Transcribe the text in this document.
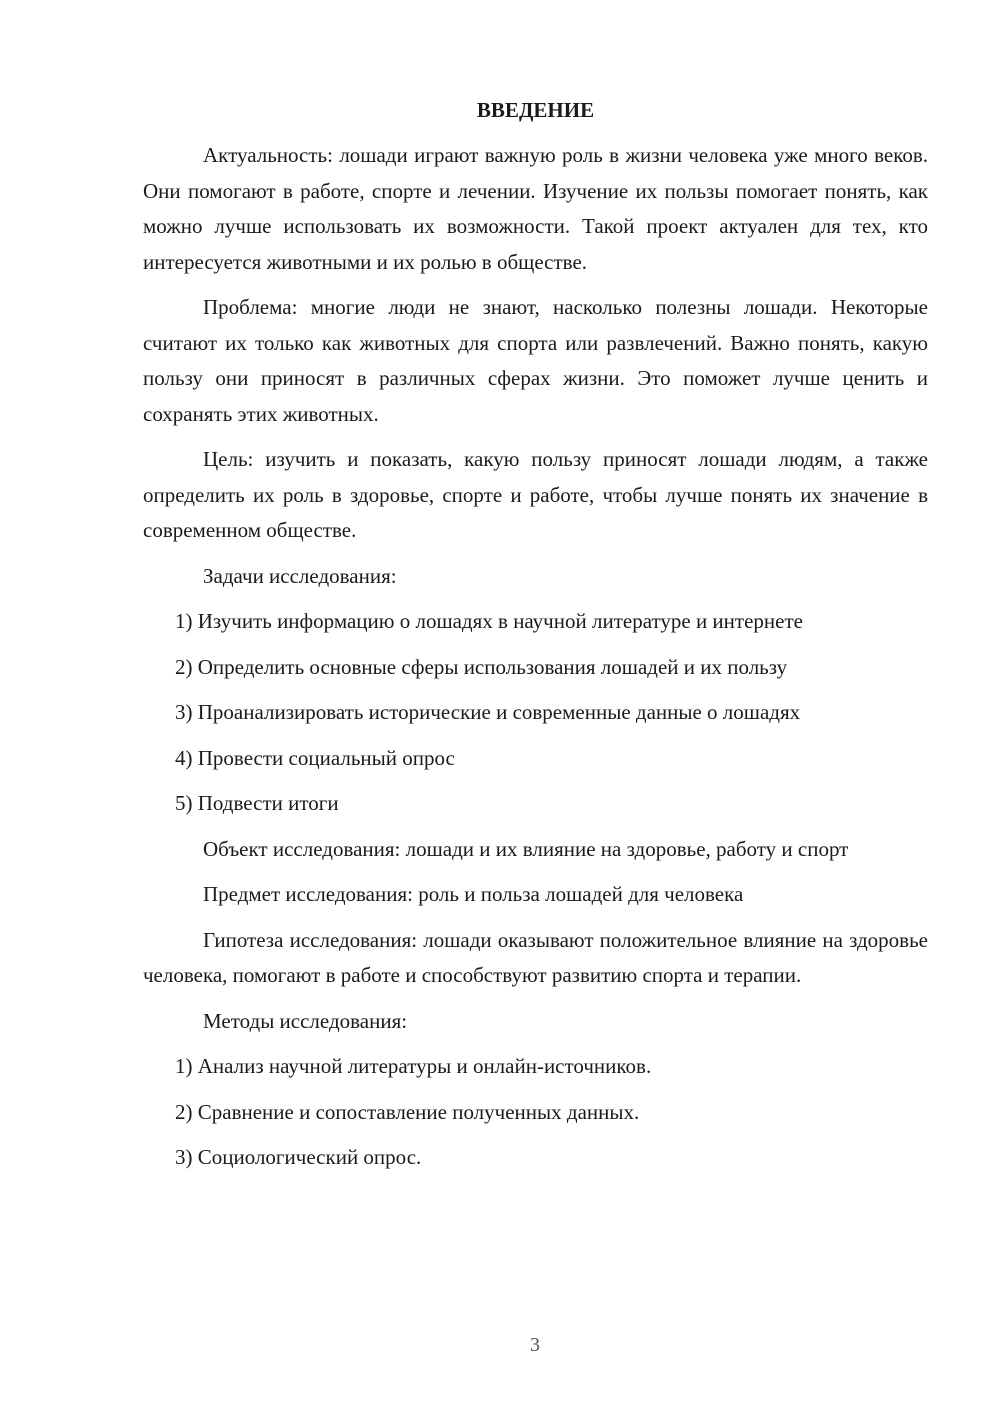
ВВЕДЕНИЕ

Актуальность: лошади играют важную роль в жизни человека уже много веков. Они помогают в работе, спорте и лечении. Изучение их пользы помогает понять, как можно лучше использовать их возможности. Такой проект актуален для тех, кто интересуется животными и их ролью в обществе.

Проблема: многие люди не знают, насколько полезны лошади. Некоторые считают их только как животных для спорта или развлечений. Важно понять, какую пользу они приносят в различных сферах жизни. Это поможет лучше ценить и сохранять этих животных.

Цель: изучить и показать, какую пользу приносят лошади людям, а также определить их роль в здоровье, спорте и работе, чтобы лучше понять их значение в современном обществе.

Задачи исследования:

1) Изучить информацию о лошадях в научной литературе и интернете
2) Определить основные сферы использования лошадей и их пользу
3) Проанализировать исторические и современные данные о лошадях
4) Провести социальный опрос
5) Подвести итоги

Объект исследования: лошади и их влияние на здоровье, работу и спорт

Предмет исследования: роль и польза лошадей для человека

Гипотеза исследования: лошади оказывают положительное влияние на здоровье человека, помогают в работе и способствуют развитию спорта и терапии.

Методы исследования:

1) Анализ научной литературы и онлайн-источников.
2) Сравнение и сопоставление полученных данных.
3) Социологический опрос.
3
